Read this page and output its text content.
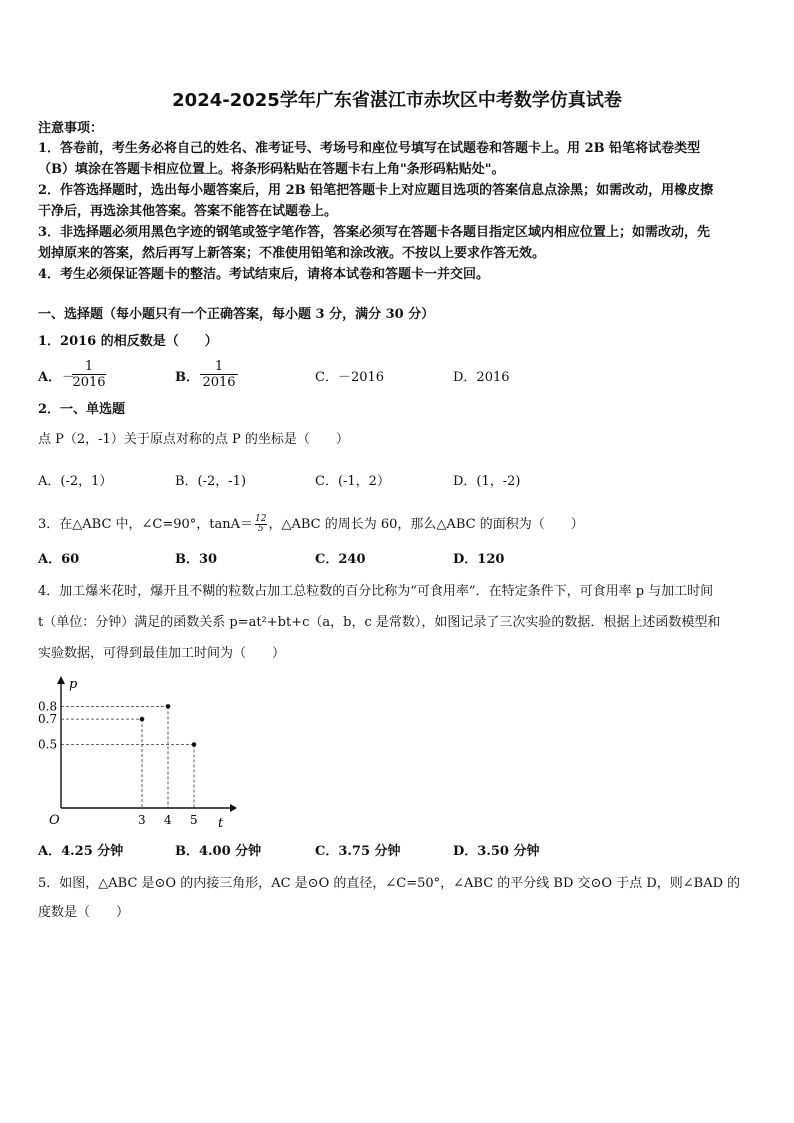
2024-2025学年广东省湛江市赤坎区中考数学仿真试卷
注意事项：
1．答卷前，考生务必将自己的姓名、准考证号、考场号和座位号填写在试题卷和答题卡上。用 2B 铅笔将试卷类型
（B）填涂在答题卡相应位置上。将条形码粘贴在答题卡右上角"条形码粘贴处"。
2．作答选择题时，选出每小题答案后，用 2B 铅笔把答题卡上对应题目选项的答案信息点涂黑；如需改动，用橡皮擦
干净后，再选涂其他答案。答案不能答在试题卷上。
3．非选择题必须用黑色字迹的钢笔或签字笔作答，答案必须写在答题卡各题目指定区域内相应位置上；如需改动，先
划掉原来的答案，然后再写上新答案；不准使用铅笔和涂改液。不按以上要求作答无效。
4．考生必须保证答题卡的整洁。考试结束后，请将本试卷和答题卡一并交回。
一、选择题（每小题只有一个正确答案，每小题 3 分，满分 30 分）
1．2016 的相反数是（　　）
A． －
$\frac{1}{2016}$	B． $\frac{1}{2016}$	C．－2016	D．2016
2．一、单选题
点 P（2，-1）关于原点对称的点 P 的坐标是（　　）
A．(-2，1）	B．(-2，-1)	C．(-1，2）	D．(1，-2)
3．在△ABC 中，∠C=90°，$\tan A= \frac{12}{5}$ ，△ABC 的周长为 60，那么△ABC 的面积为（　　）
A．60	B．30	C．240	D．120
4．加工爆米花时，爆开且不糊的粒数占加工总粒数的百分比称为“可食用率”．在特定条件下，可食用率 p 与加工时间
t（单位：分钟）满足的函数关系 p=at²+bt+c（a，b，c 是常数），如图记录了三次实验的数据．根据上述函数模型和
实验数据，可得到最佳加工时间为（　　）
t
p
O	3 4 5
0.8
0.7
0.5
A．4.25 分钟	B．4.00 分钟	C．3.75 分钟	D．3.50 分钟
5．如图，△ABC 是⊙O 的内接三角形，AC 是⊙O 的直径，∠C=50°，∠ABC 的平分线 BD 交⊙O 于点 D，则∠BAD 的
度数是（　　）
